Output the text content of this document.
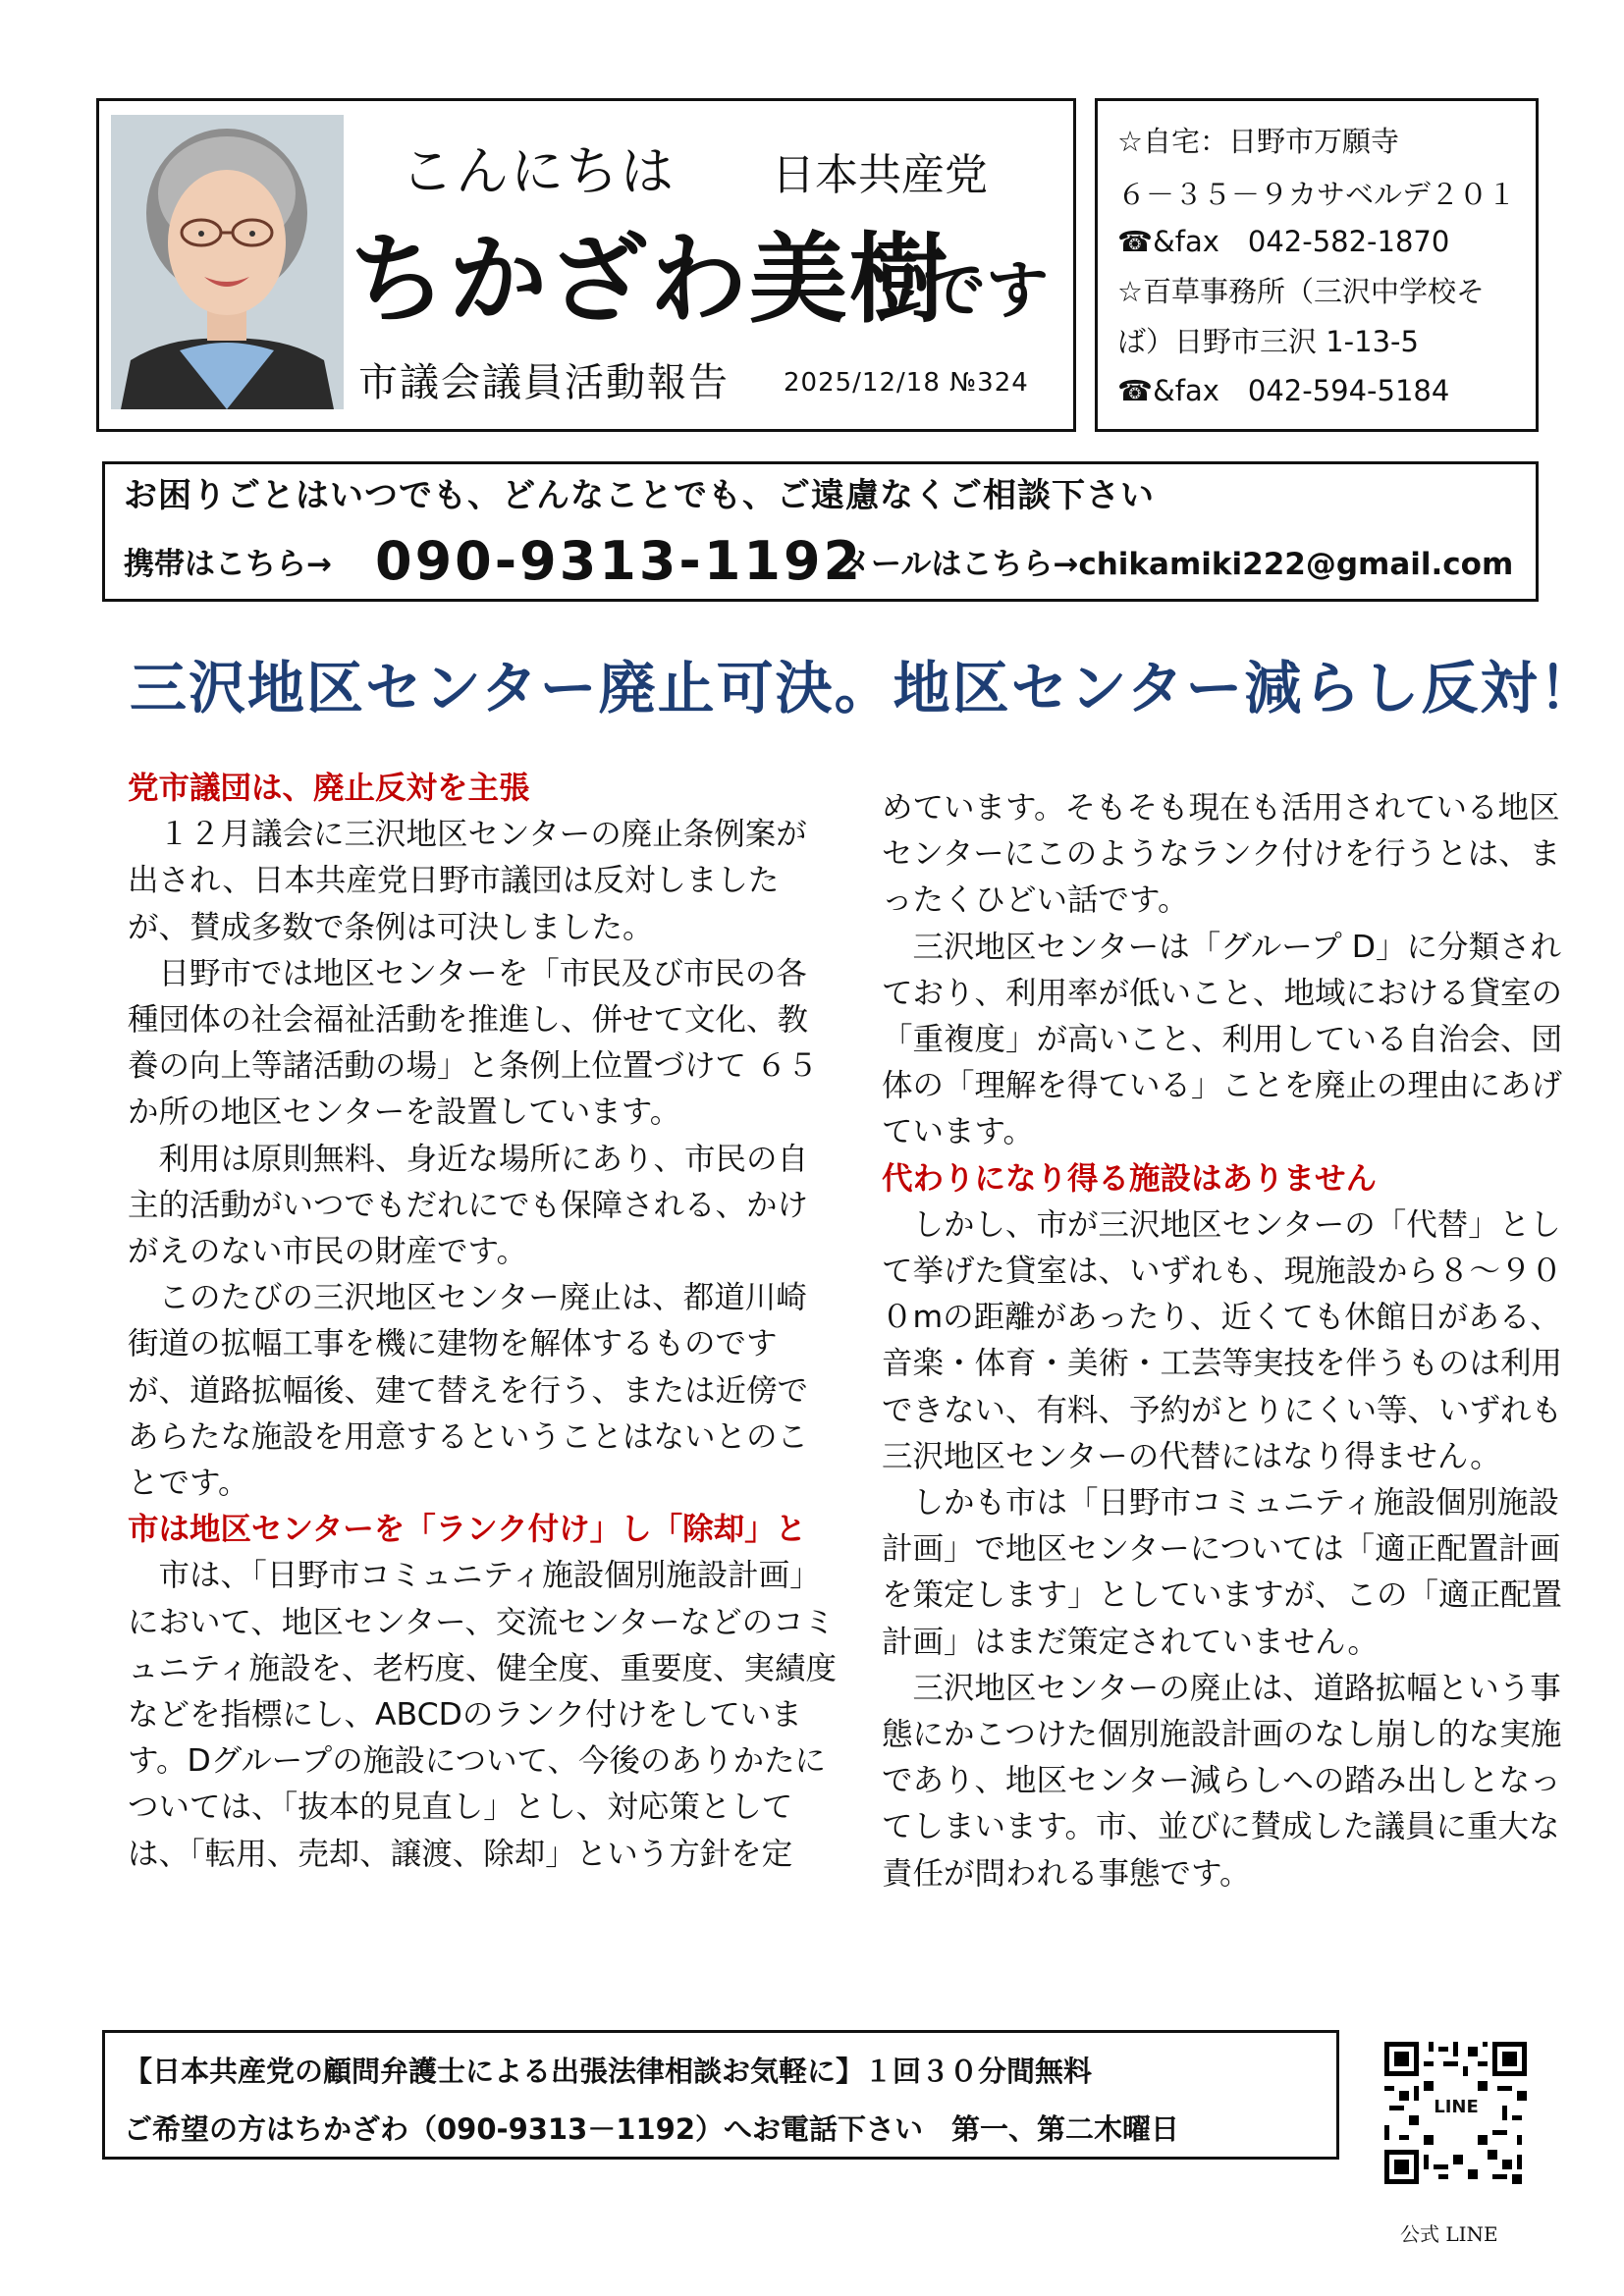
こんにちは 日本共産党
ちかざわ美樹
です
市議会議員活動報告 2025/12/18 №324
☆自宅：日野市万願寺
６－３５－９カサベルデ２０１
☎&fax　042-582-1870
☆百草事務所（三沢中学校そ
ば）日野市三沢 1-13-5
☎&fax　042-594-5184
お困りごとはいつでも、どんなことでも、ご遠慮なくご相談下さい
携帯はこちら→ 090-9313-1192
メールはこちら→chikamiki222@gmail.com
三沢地区センター廃止可決。地区センター減らし反対！
党市議団は、廃止反対を主張

１２月議会に三沢地区センターの廃止条例案が出され、日本共産党日野市議団は反対しましたが、賛成多数で条例は可決しました。

日野市では地区センターを「市民及び市民の各種団体の社会福祉活動を推進し、併せて文化、教養の向上等諸活動の場」と条例上位置づけて ６５か所の地区センターを設置しています。

利用は原則無料、身近な場所にあり、市民の自主的活動がいつでもだれにでも保障される、かけがえのない市民の財産です。

このたびの三沢地区センター廃止は、都道川崎街道の拡幅工事を機に建物を解体するものですが、道路拡幅後、建て替えを行う、または近傍であらたな施設を用意するということはないとのことです。

市は地区センターを「ランク付け」し「除却」と

市は、「日野市コミュニティ施設個別施設計画」において、地区センター、交流センターなどのコミュニティ施設を、老朽度、健全度、重要度、実績度などを指標にし、ABCDのランク付けをしています。Dグループの施設について、今後のありかたについては、「抜本的見直し」とし、対応策としては、「転用、売却、譲渡、除却」という方針を定

めています。そもそも現在も活用されている地区センターにこのようなランク付けを行うとは、まったくひどい話です。

三沢地区センターは「グループ D」に分類されており、利用率が低いこと、地域における貸室の「重複度」が高いこと、利用している自治会、団体の「理解を得ている」ことを廃止の理由にあげています。

代わりになり得る施設はありません

しかし、市が三沢地区センターの「代替」として挙げた貸室は、いずれも、現施設から８～９００mの距離があったり、近くても休館日がある、音楽・体育・美術・工芸等実技を伴うものは利用できない、有料、予約がとりにくい等、いずれも三沢地区センターの代替にはなり得ません。

しかも市は「日野市コミュニティ施設個別施設計画」で地区センターについては「適正配置計画を策定します」としていますが、この「適正配置計画」はまだ策定されていません。

三沢地区センターの廃止は、道路拡幅という事態にかこつけた個別施設計画のなし崩し的な実施であり、地区センター減らしへの踏み出しとなってしまいます。市、並びに賛成した議員に重大な責任が問われる事態です。

【日本共産党の顧問弁護士による出張法律相談お気軽に】１回３０分間無料
ご希望の方はちかざわ（090-9313－1192）へお電話下さい　第一、第二木曜日
LINE
公式 LINE
